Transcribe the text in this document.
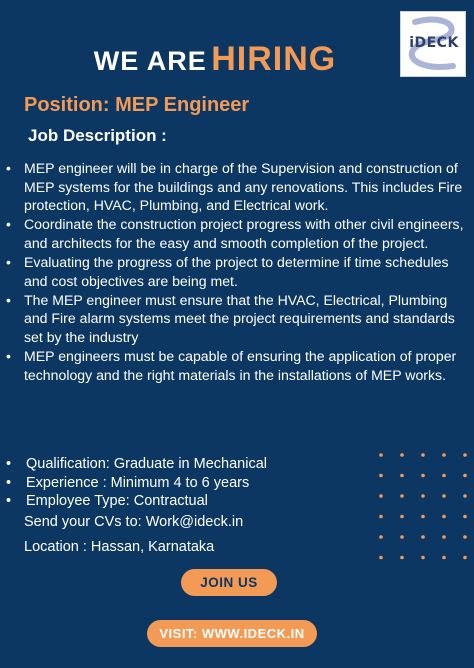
iDECK
WE ARE HIRING
Position: MEP Engineer
Job Description :
• MEP engineer will be in charge of the Supervision and construction of MEP systems for the buildings and any renovations. This includes Fire protection, HVAC, Plumbing, and Electrical work.
• Coordinate the construction project progress with other civil engineers, and architects for the easy and smooth completion of the project.
• Evaluating the progress of the project to determine if time schedules and cost objectives are being met.
• The MEP engineer must ensure that the HVAC, Electrical, Plumbing and Fire alarm systems meet the project requirements and standards set by the industry
• MEP engineers must be capable of ensuring the application of proper technology and the right materials in the installations of MEP works.
•	Qualification: Graduate in Mechanical
•	Experience : Minimum 4 to 6 years
•	Employee Type: Contractual
Send your CVs to: Work@ideck.in
Location : Hassan, Karnataka
JOIN US
VISIT: WWW.IDECK.IN
